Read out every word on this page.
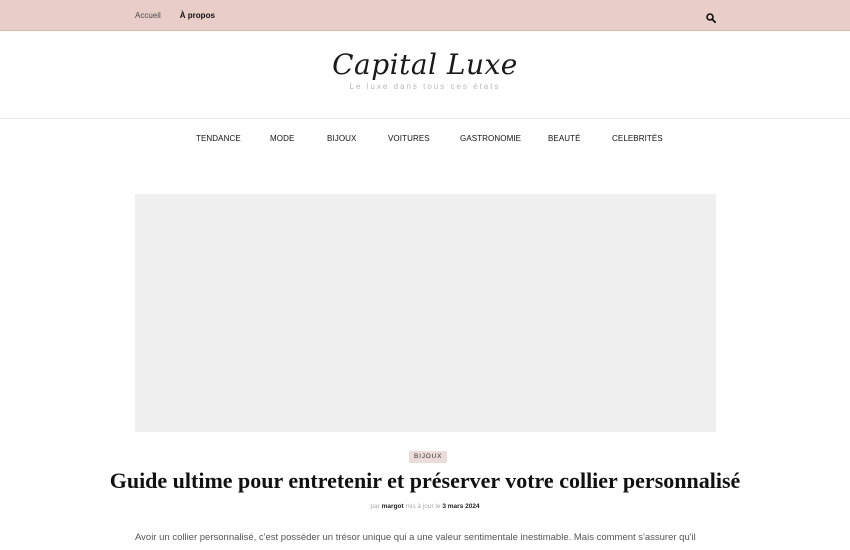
Accueil À propos
Capital Luxe
Le luxe dans tous ces états
TENDANCE	MODE	BIJOUX	VOITURES	GASTRONOMIE	BEAUTÉ	CELEBRITÉS
BIJOUX
Guide ultime pour entretenir et préserver votre collier personnalisé
par margot mis à jour le 3 mars 2024

Avoir un collier personnalisé, c'est posséder un trésor unique qui a une valeur sentimentale inestimable. Mais comment s'assurer qu'il
